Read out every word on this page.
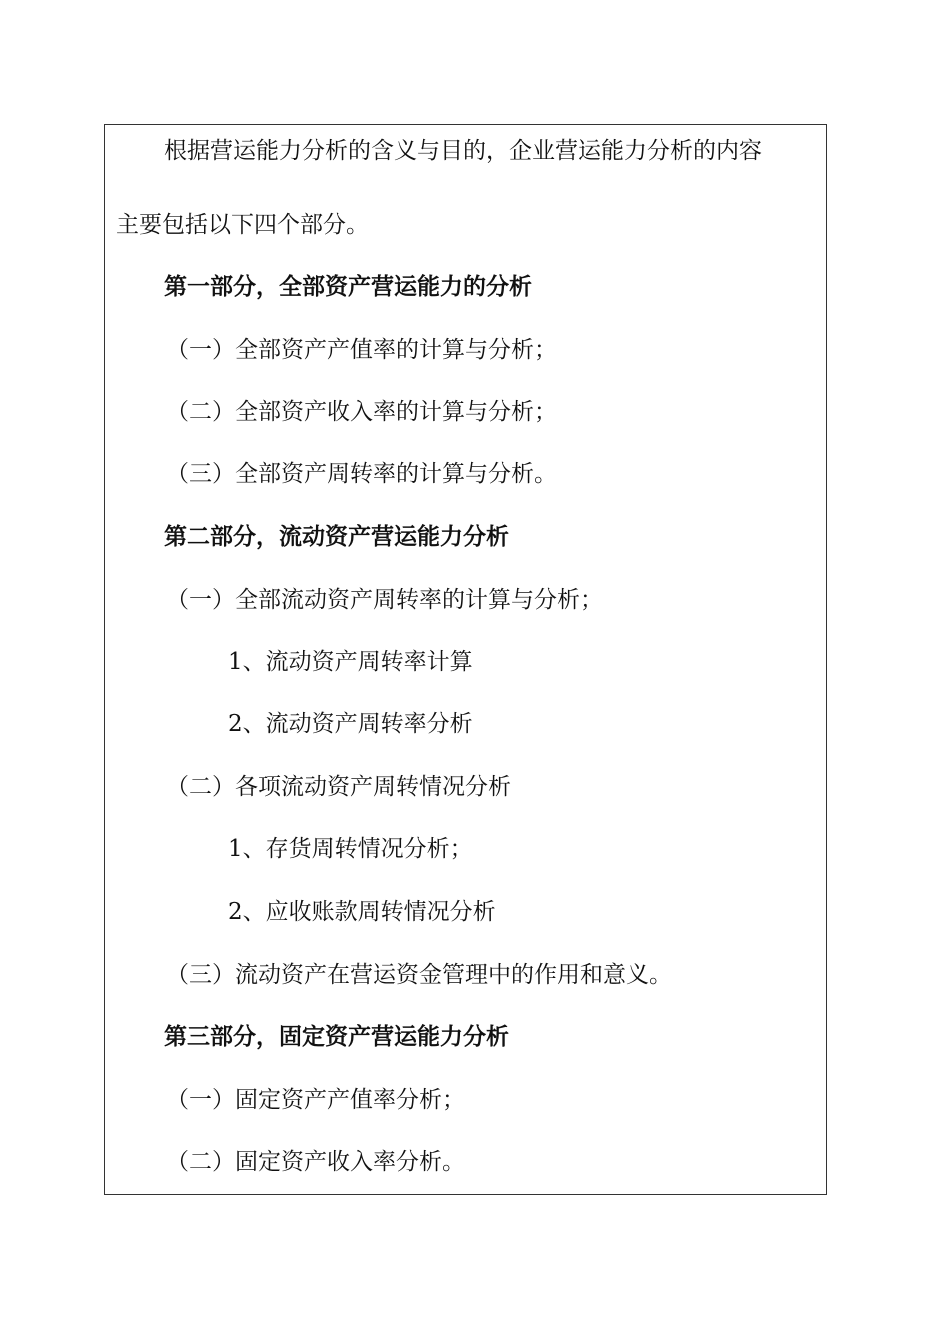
根据营运能力分析的含义与目的，企业营运能力分析的内容
主要包括以下四个部分。
第一部分，全部资产营运能力的分析
（一）全部资产产值率的计算与分析；
（二）全部资产收入率的计算与分析；
（三）全部资产周转率的计算与分析。
第二部分，流动资产营运能力分析
（一）全部流动资产周转率的计算与分析；
1、流动资产周转率计算
2、流动资产周转率分析
（二）各项流动资产周转情况分析
1、存货周转情况分析；
2、应收账款周转情况分析
（三）流动资产在营运资金管理中的作用和意义。
第三部分，固定资产营运能力分析
（一）固定资产产值率分析；
（二）固定资产收入率分析。
